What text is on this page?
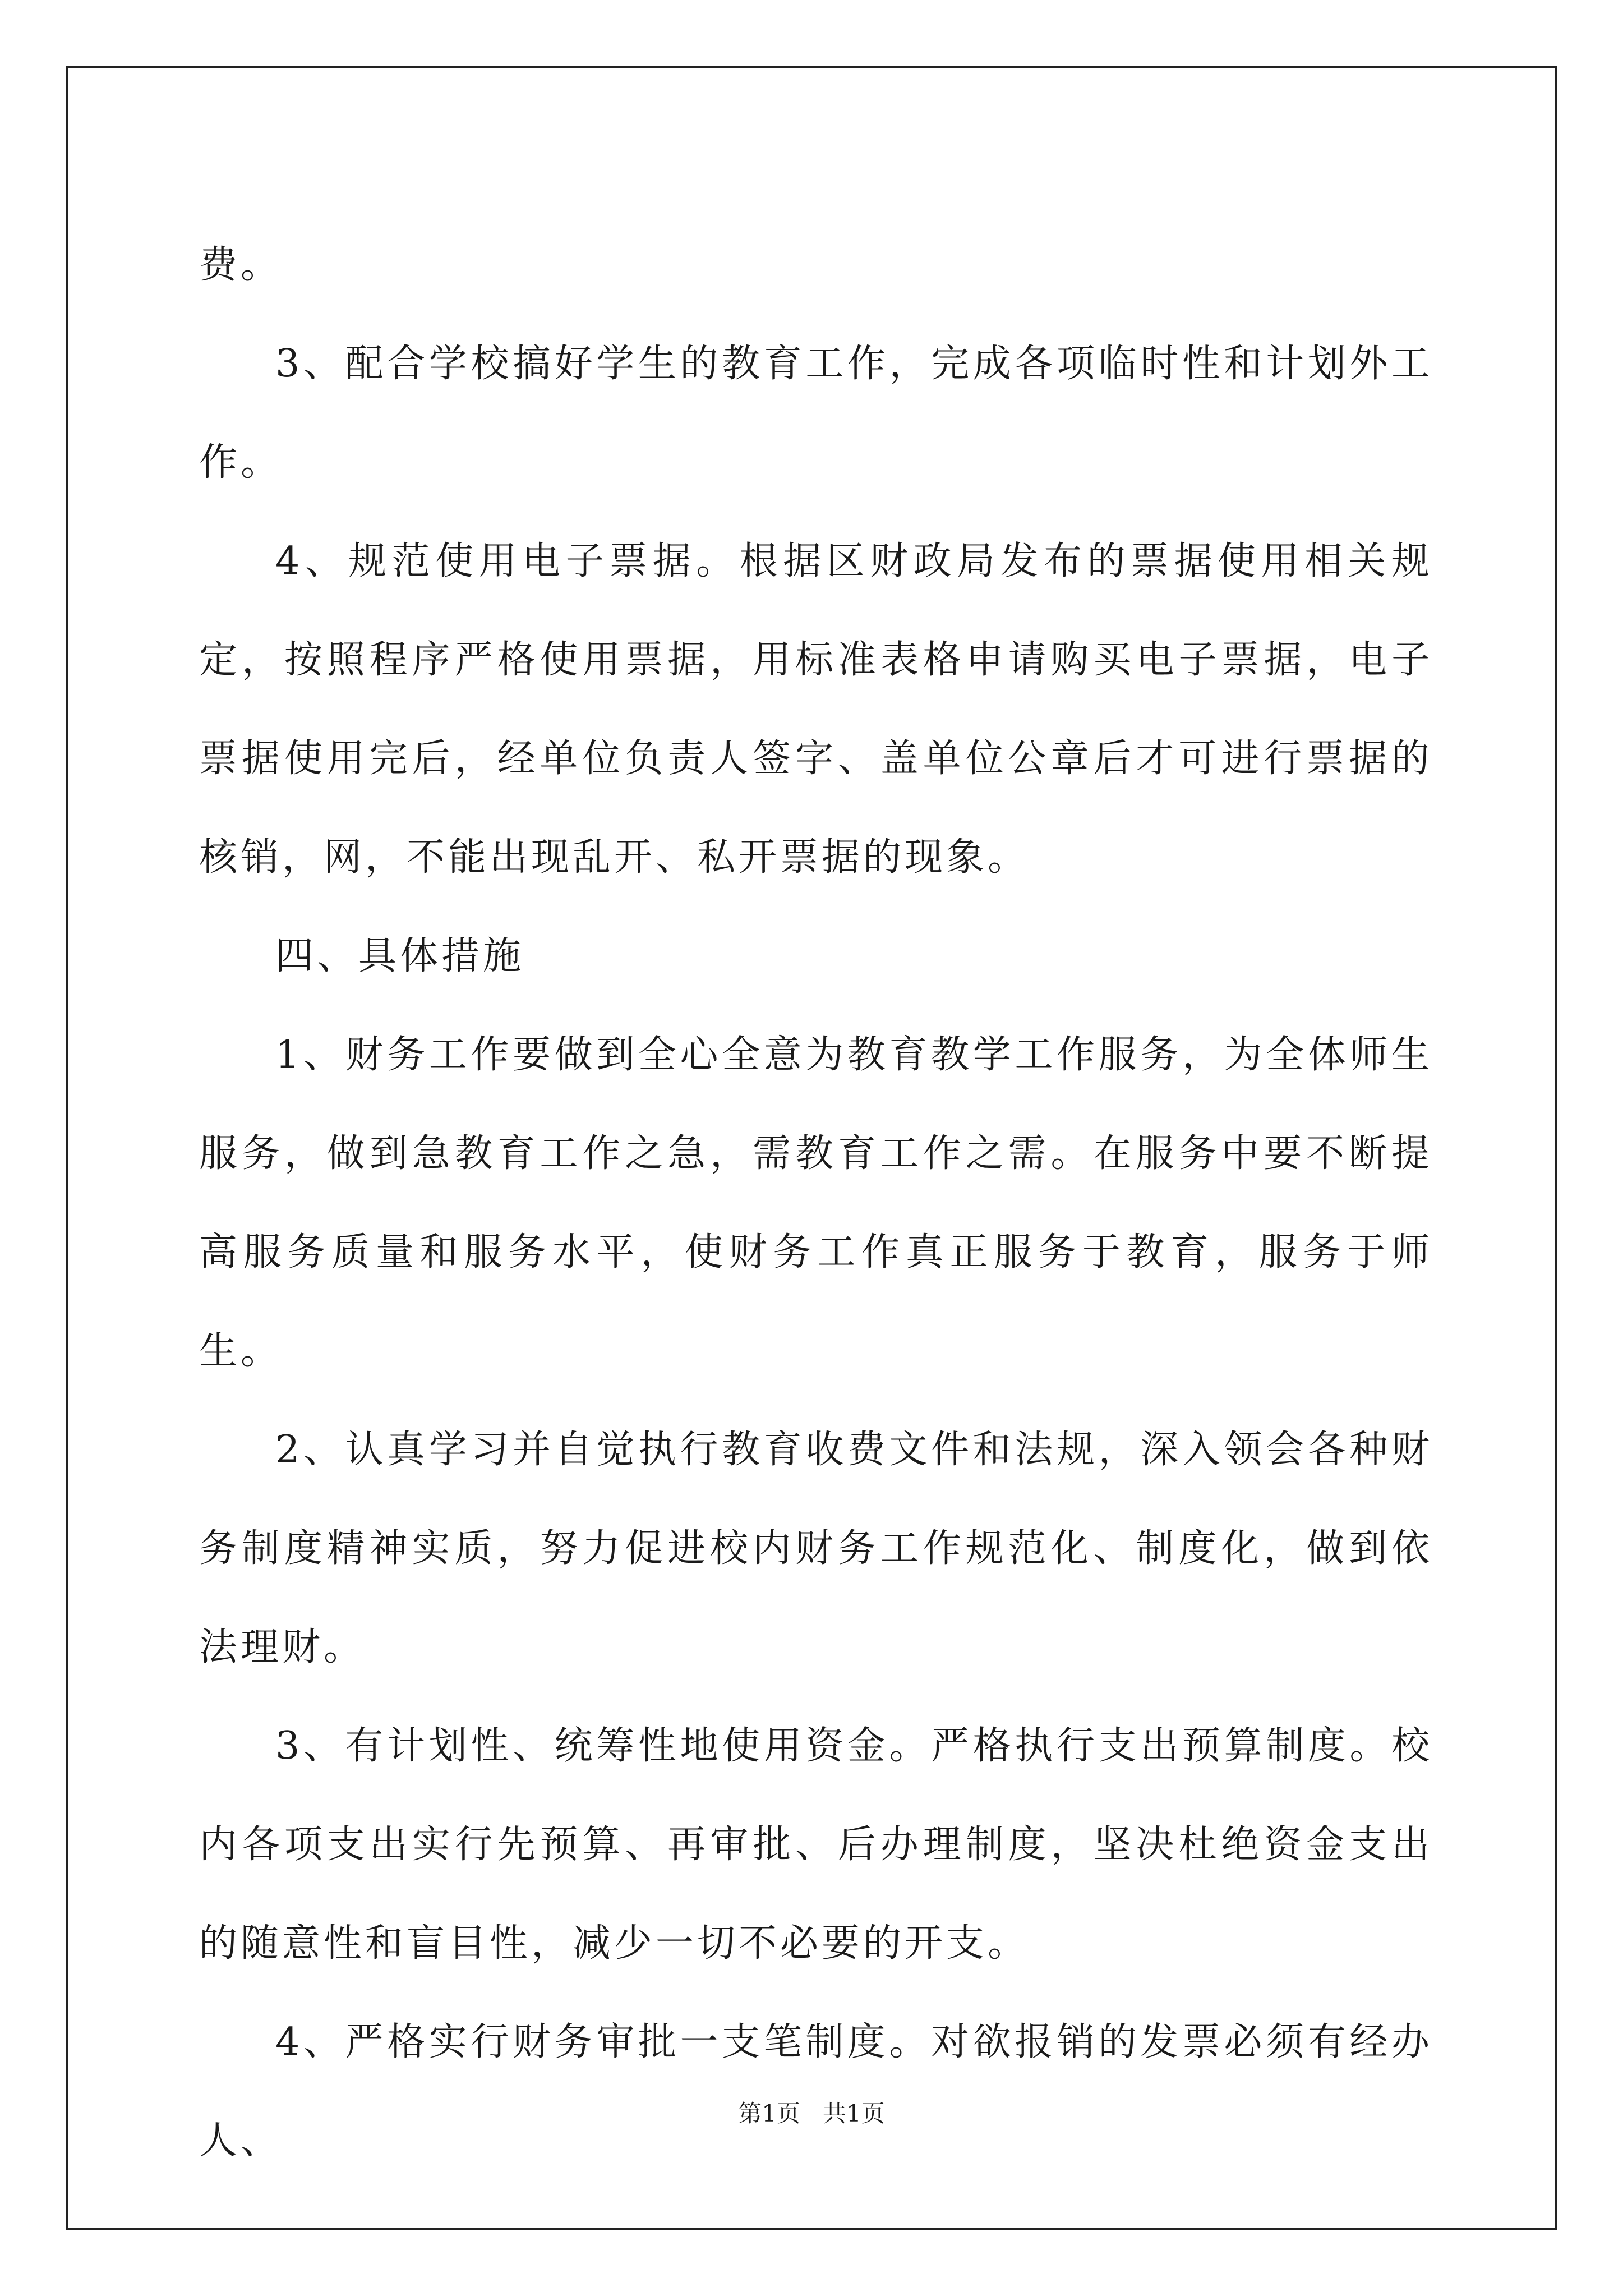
费。

3、配合学校搞好学生的教育工作，完成各项临时性和计划外工作。

4、规范使用电子票据。根据区财政局发布的票据使用相关规定，按照程序严格使用票据，用标准表格申请购买电子票据，电子票据使用完后，经单位负责人签字、盖单位公章后才可进行票据的核销，网，不能出现乱开、私开票据的现象。

四、具体措施

1、财务工作要做到全心全意为教育教学工作服务，为全体师生服务，做到急教育工作之急，需教育工作之需。在服务中要不断提高服务质量和服务水平，使财务工作真正服务于教育，服务于师生。

2、认真学习并自觉执行教育收费文件和法规，深入领会各种财务制度精神实质，努力促进校内财务工作规范化、制度化，做到依法理财。

3、有计划性、统筹性地使用资金。严格执行支出预算制度。校内各项支出实行先预算、再审批、后办理制度，坚决杜绝资金支出的随意性和盲目性，减少一切不必要的开支。

4、严格实行财务审批一支笔制度。对欲报销的发票必须有经办人、

第1页 共1页
